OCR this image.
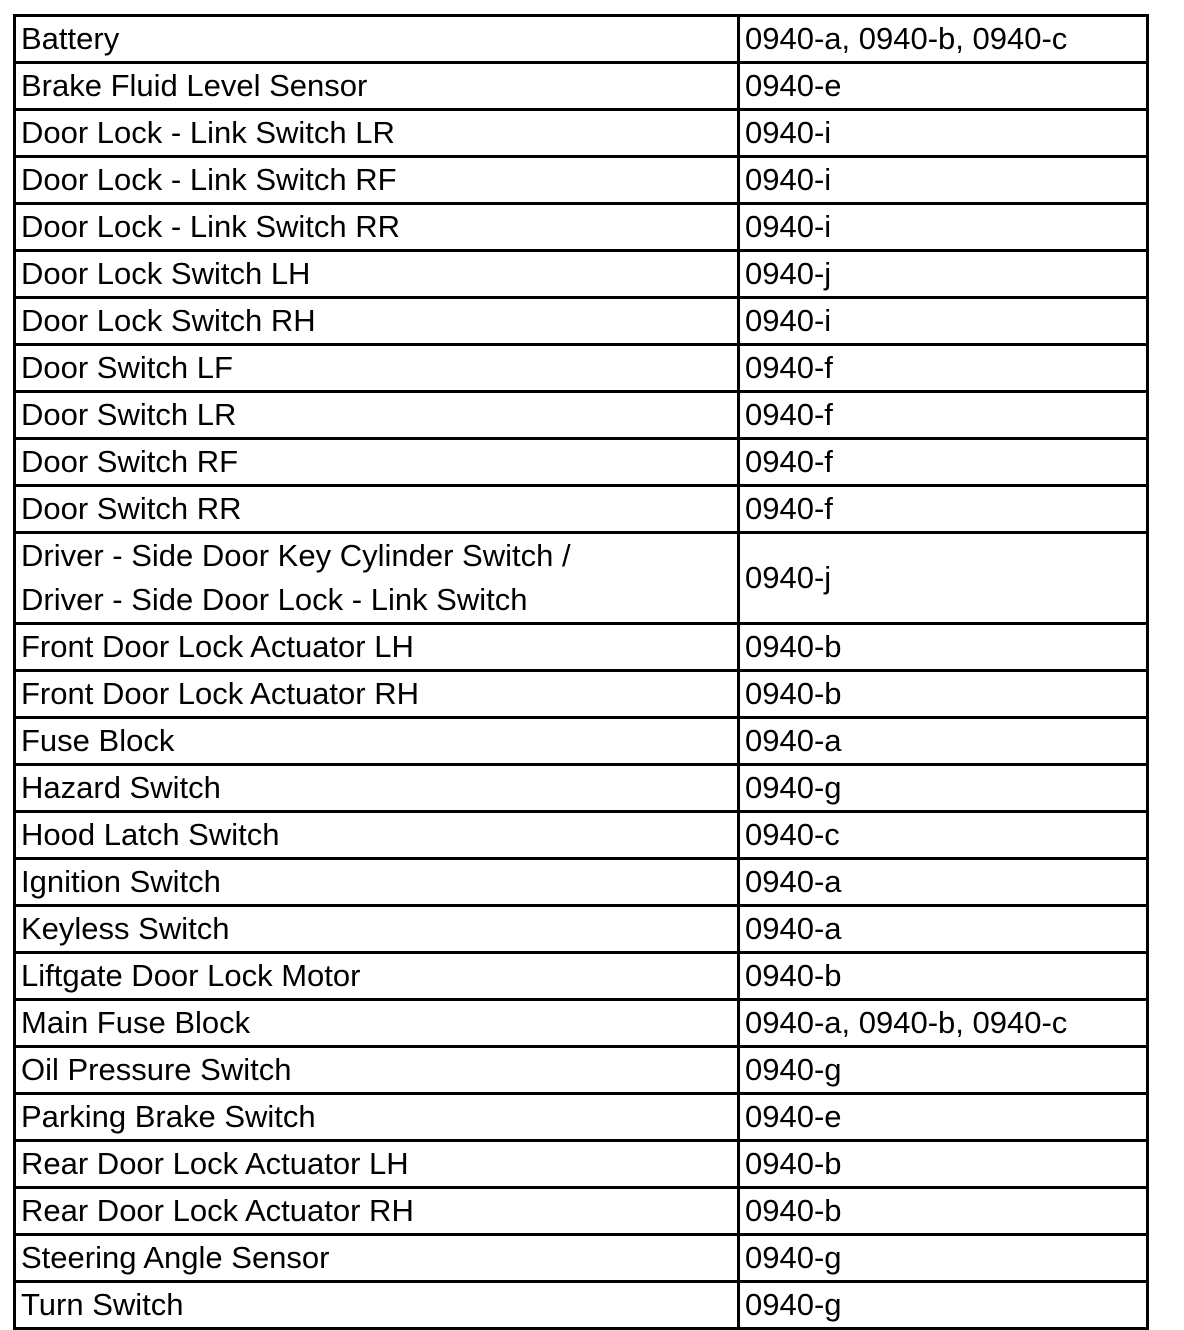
Battery	0940-a, 0940-b, 0940-c
Brake Fluid Level Sensor	0940-e
Door Lock - Link Switch LR	0940-i
Door Lock - Link Switch RF	0940-i
Door Lock - Link Switch RR	0940-i
Door Lock Switch LH	0940-j
Door Lock Switch RH	0940-i
Door Switch LF	0940-f
Door Switch LR	0940-f
Door Switch RF	0940-f
Door Switch RR	0940-f

Driver - Side Door Key Cylinder Switch /
Driver - Side Door Lock - Link Switch	0940-j
Front Door Lock Actuator LH	0940-b
Front Door Lock Actuator RH	0940-b
Fuse Block	0940-a
Hazard Switch	0940-g
Hood Latch Switch	0940-c
Ignition Switch	0940-a
Keyless Switch	0940-a
Liftgate Door Lock Motor	0940-b
Main Fuse Block	0940-a, 0940-b, 0940-c
Oil Pressure Switch	0940-g
Parking Brake Switch	0940-e
Rear Door Lock Actuator LH	0940-b
Rear Door Lock Actuator RH	0940-b
Steering Angle Sensor	0940-g
Turn Switch	0940-g
